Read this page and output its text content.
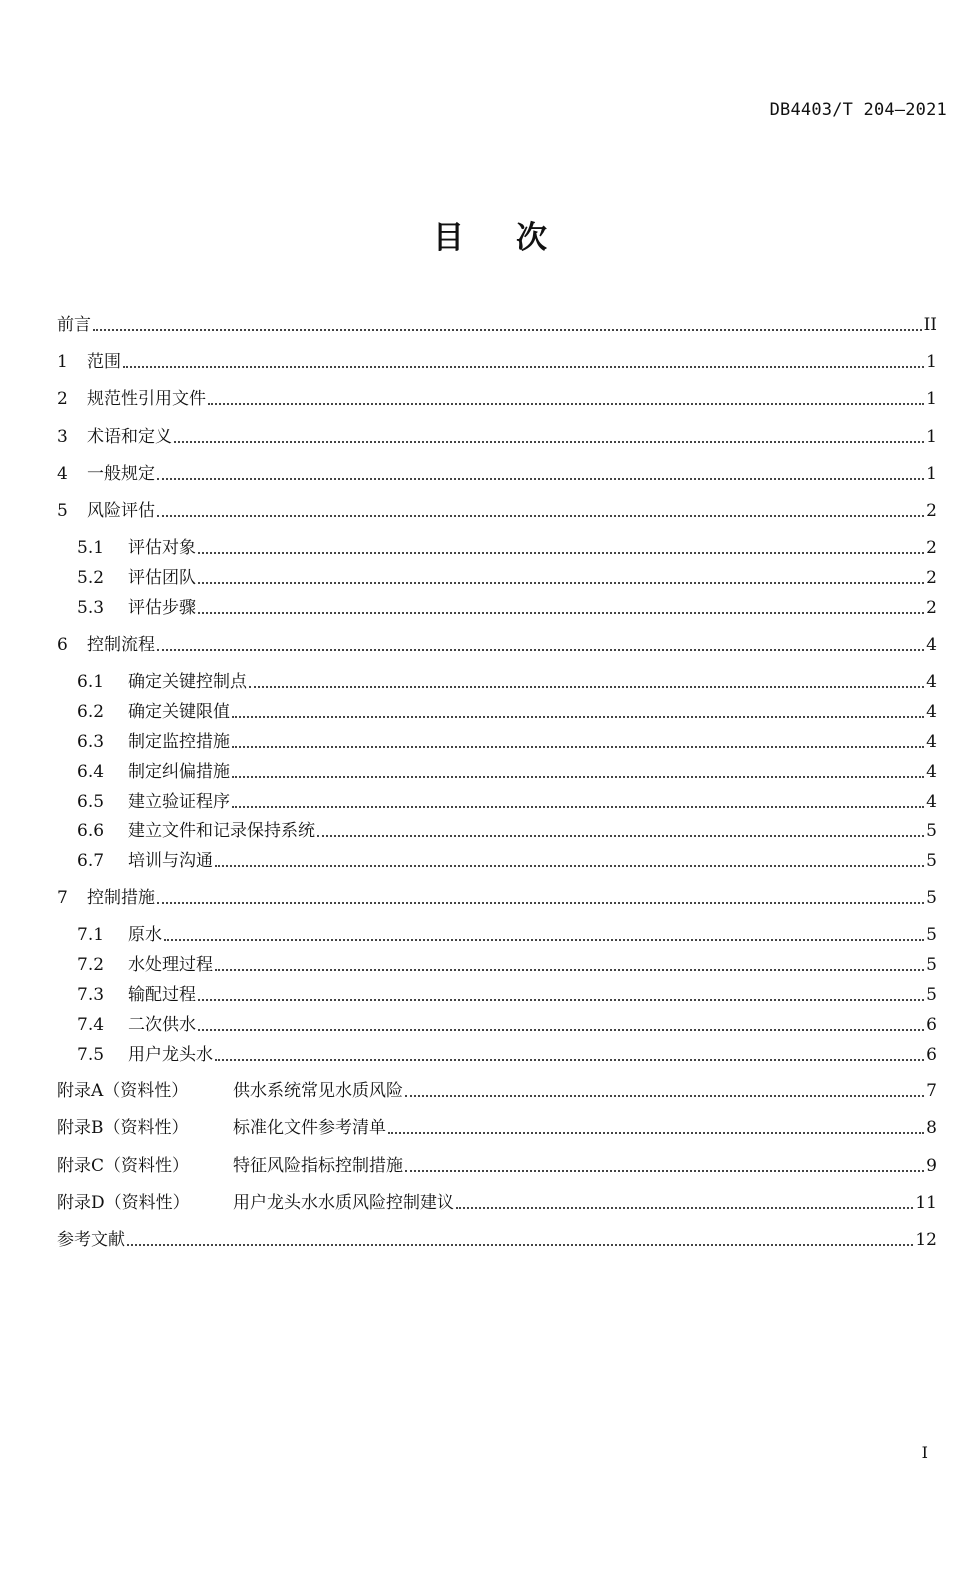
DB4403/T 204—2021
目 次
前言	II
1	范围	1
2	规范性引用文件	1
3	术语和定义	1
4	一般规定	1
5	风险评估	2
5.1	评估对象	2
5.2	评估团队	2
5.3	评估步骤	2
6	控制流程	4
6.1	确定关键控制点	4
6.2	确定关键限值	4
6.3	制定监控措施	4
6.4	制定纠偏措施	4
6.5	建立验证程序	4
6.6	建立文件和记录保持系统	5
6.7	培训与沟通	5
7	控制措施	5
7.1	原水	5
7.2	水处理过程	5
7.3	输配过程	5
7.4	二次供水	6
7.5	用户龙头水	6
附录A（资料性）	供水系统常见水质风险	7
附录B（资料性）	标准化文件参考清单	8
附录C（资料性）	特征风险指标控制措施	9
附录D（资料性）	用户龙头水水质风险控制建议	11
参考文献	12
I
